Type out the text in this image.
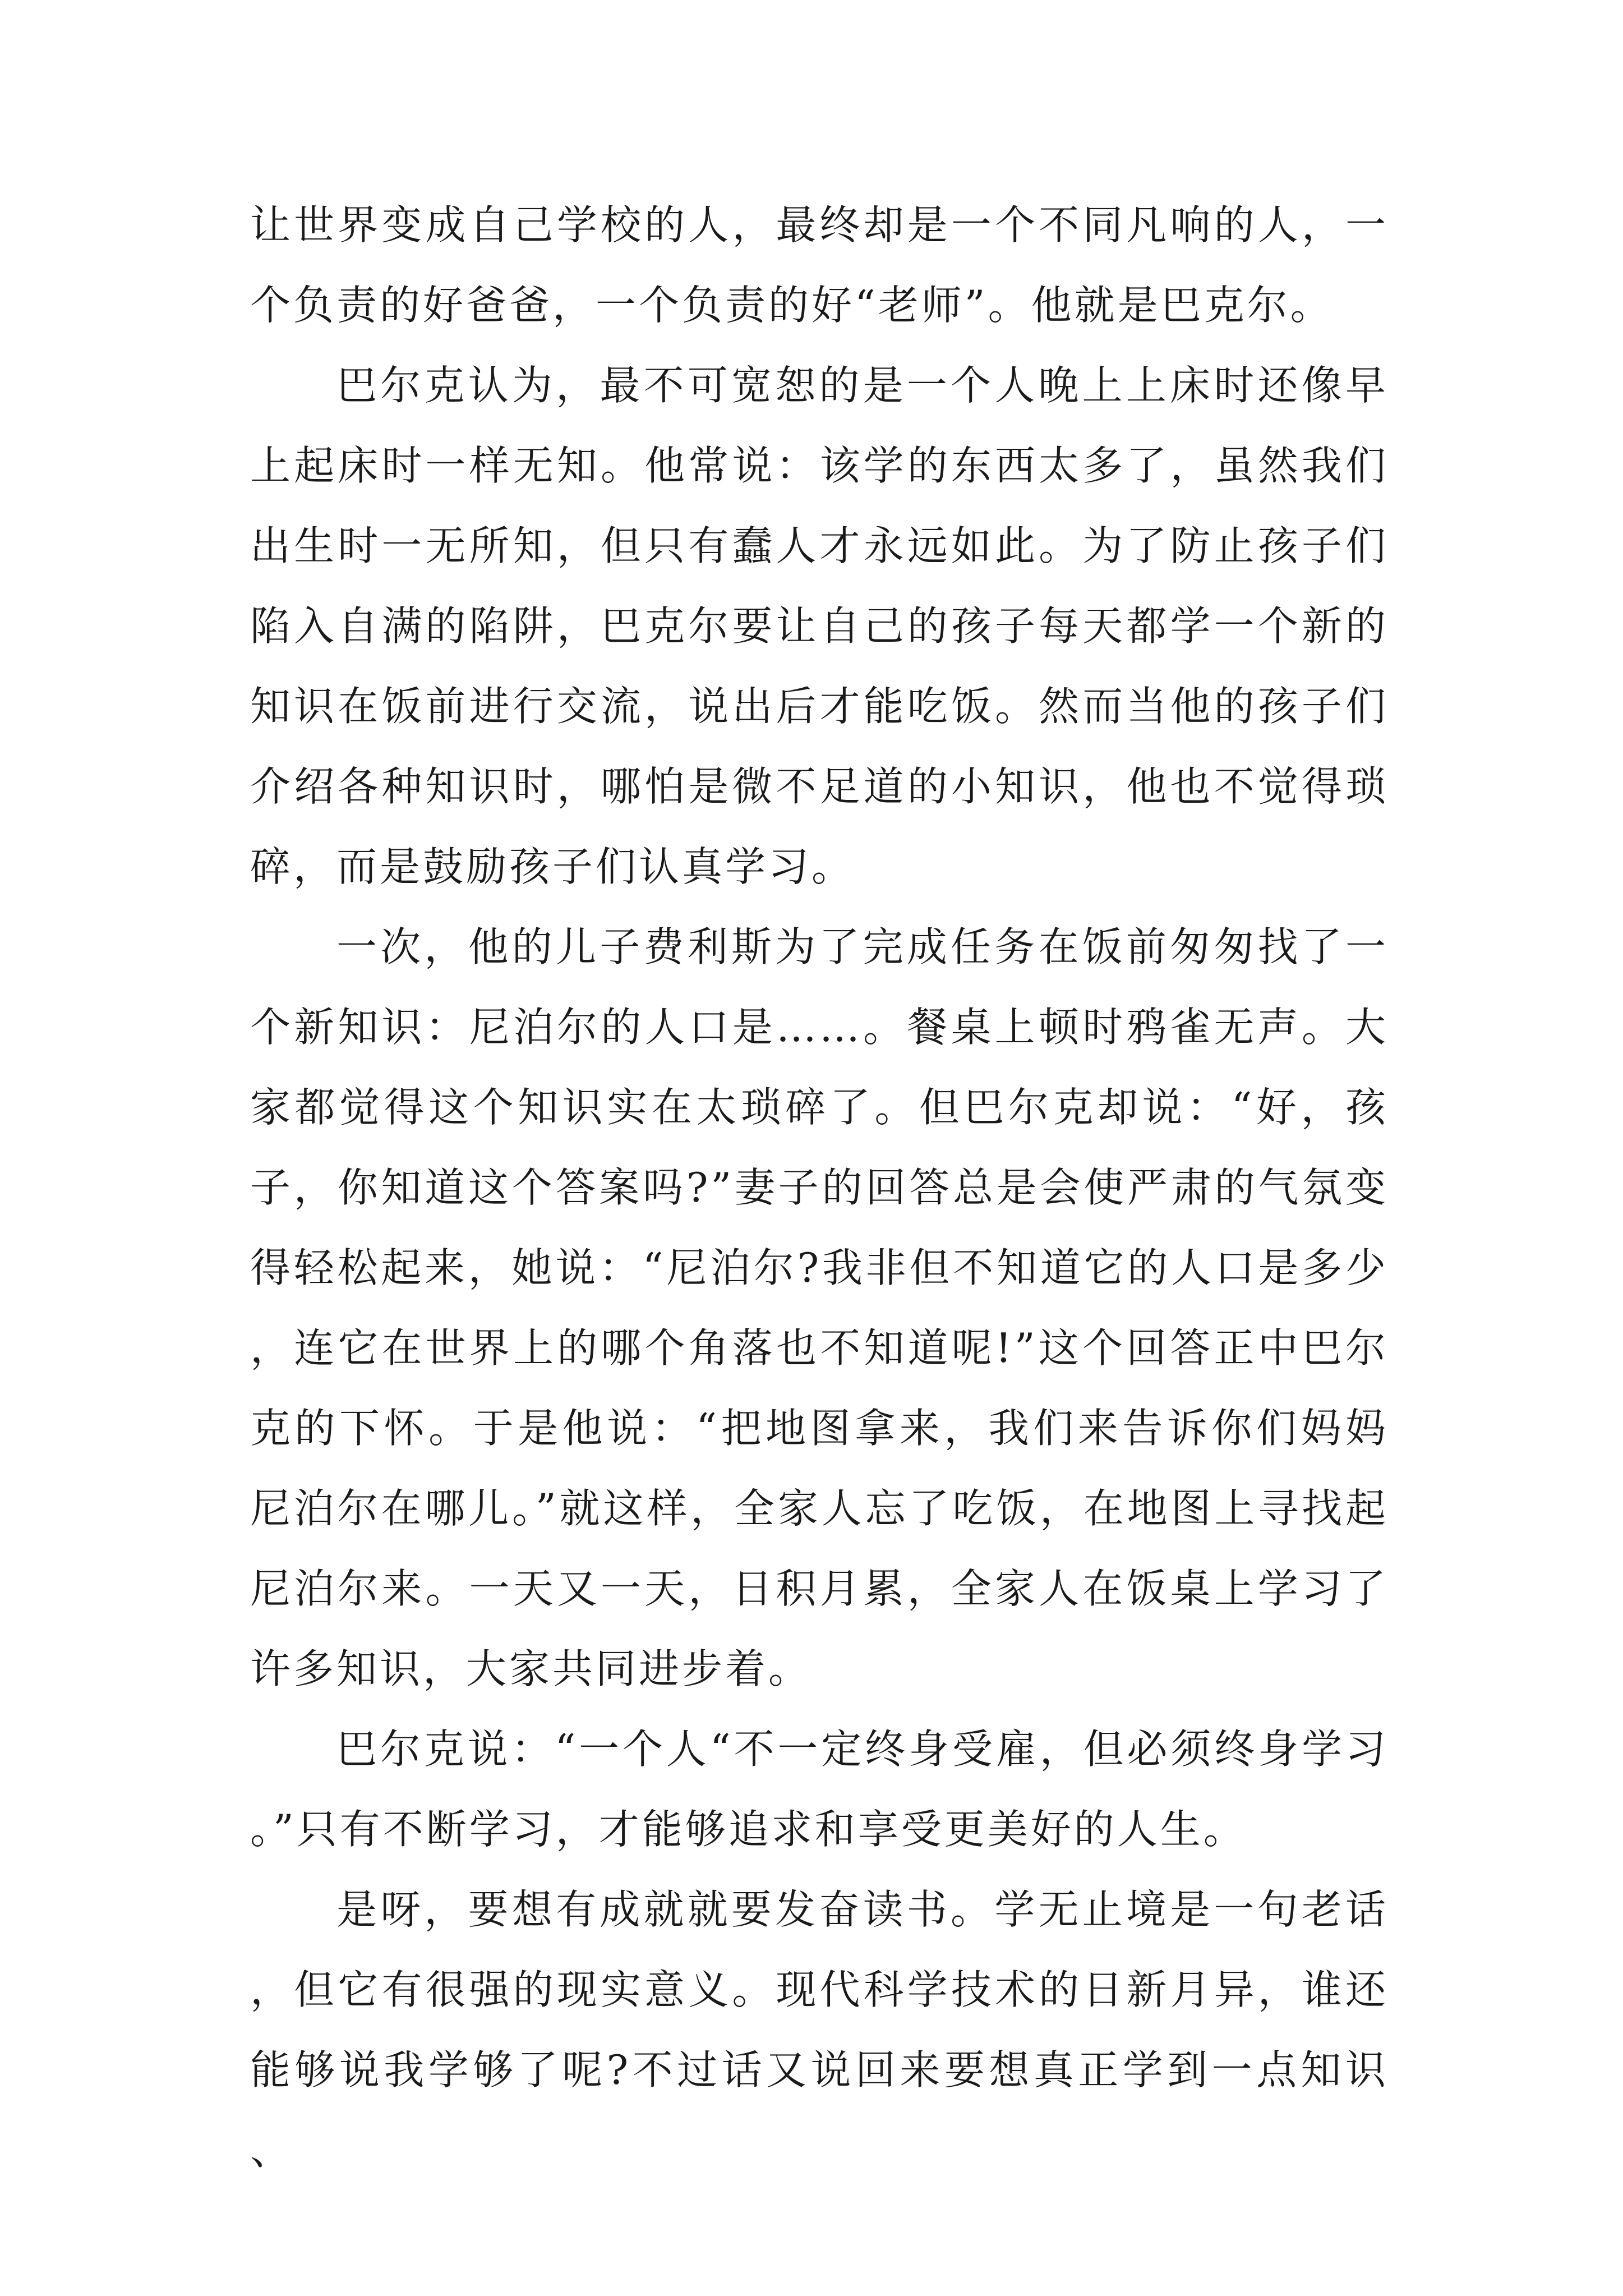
让世界变成自己学校的人，最终却是一个不同凡响的人，一个负责的好爸爸，一个负责的好“老师”。他就是巴克尔。

巴尔克认为，最不可宽恕的是一个人晚上上床时还像早上起床时一样无知。他常说：该学的东西太多了，虽然我们出生时一无所知，但只有蠢人才永远如此。为了防止孩子们陷入自满的陷阱，巴克尔要让自己的孩子每天都学一个新的知识在饭前进行交流，说出后才能吃饭。然而当他的孩子们介绍各种知识时，哪怕是微不足道的小知识，他也不觉得琐碎，而是鼓励孩子们认真学习。

一次，他的儿子费利斯为了完成任务在饭前匆匆找了一个新知识：尼泊尔的人口是……。餐桌上顿时鸦雀无声。大家都觉得这个知识实在太琐碎了。但巴尔克却说：“好，孩子，你知道这个答案吗?”妻子的回答总是会使严肃的气氛变得轻松起来，她说：“尼泊尔?我非但不知道它的人口是多少，连它在世界上的哪个角落也不知道呢!”这个回答正中巴尔克的下怀。于是他说：“把地图拿来，我们来告诉你们妈妈尼泊尔在哪儿。”就这样，全家人忘了吃饭，在地图上寻找起尼泊尔来。一天又一天，日积月累，全家人在饭桌上学习了许多知识，大家共同进步着。

巴尔克说：“一个人“不一定终身受雇，但必须终身学习。”只有不断学习，才能够追求和享受更美好的人生。

是呀，要想有成就就要发奋读书。学无止境是一句老话，但它有很强的现实意义。现代科学技术的日新月异，谁还能够说我学够了呢?不过话又说回来要想真正学到一点知识、
